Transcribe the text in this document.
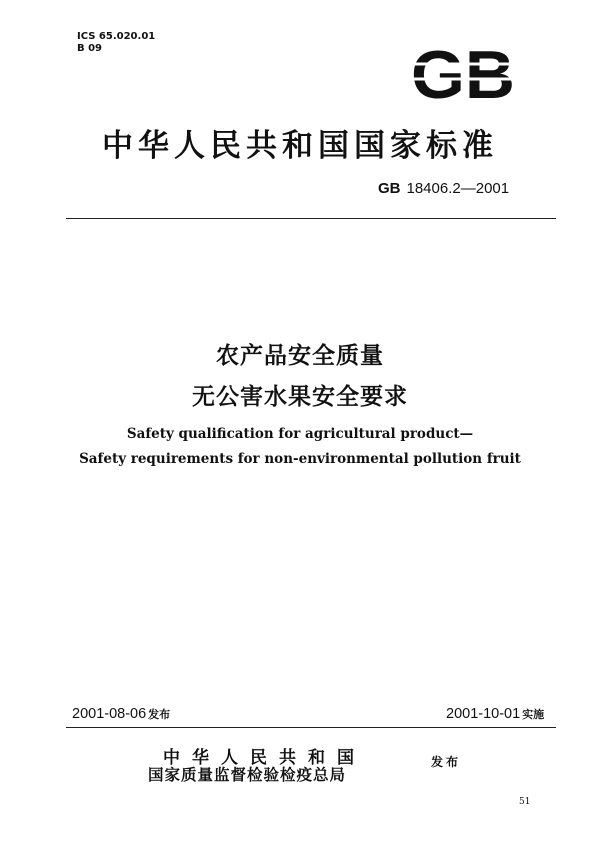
ICS 65.020.01
B 09	GB
中华人民共和国国家标准
GB 18406.2—2001
农产品安全质量
无公害水果安全要求
Safety qualification for agricultural product—
Safety requirements for non-environmental pollution fruit
2001-08-06 发布	2001-10-01 实施
中华人民共和国
国家质量监督检验检疫总局
发布
51
